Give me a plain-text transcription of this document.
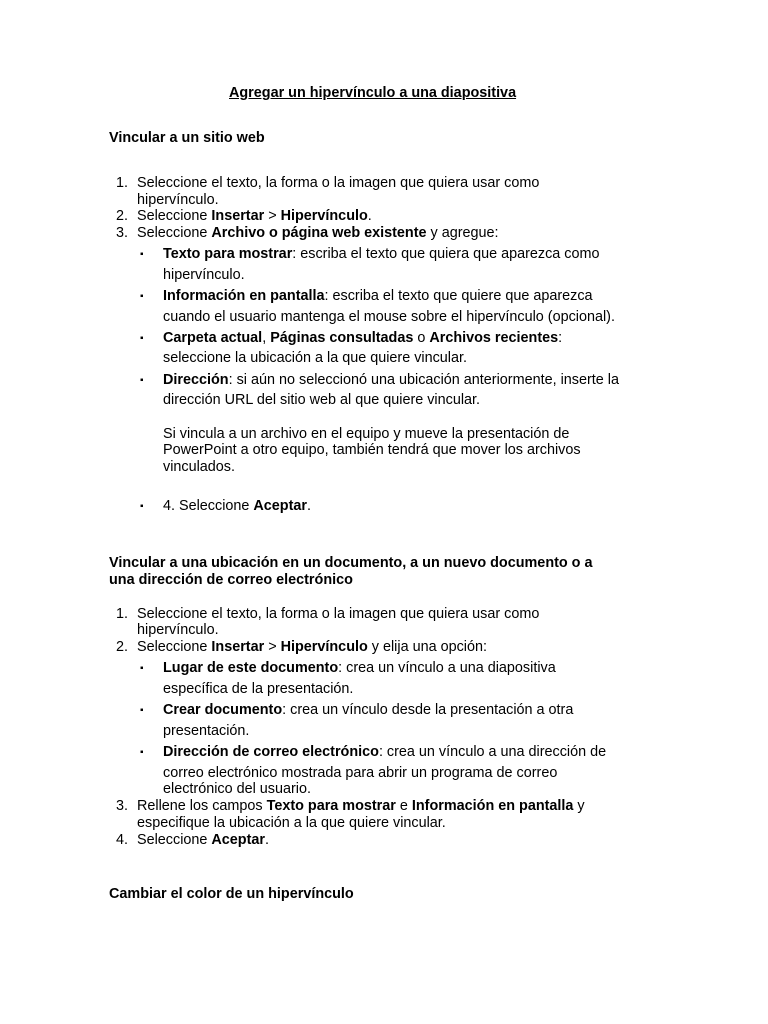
Agregar un hipervínculo a una diapositiva

Vincular a un sitio web

1. Seleccione el texto, la forma o la imagen que quiera usar como

hipervínculo.

2. Seleccione Insertar > Hipervínculo.

3. Seleccione Archivo o página web existente y agregue:

▪ Texto para mostrar: escriba el texto que quiera que aparezca como

hipervínculo.

▪ Información en pantalla: escriba el texto que quiere que aparezca

cuando el usuario mantenga el mouse sobre el hipervínculo (opcional).

▪ Carpeta actual, Páginas consultadas o Archivos recientes:

seleccione la ubicación a la que quiere vincular.

▪ Dirección: si aún no seleccionó una ubicación anteriormente, inserte la

dirección URL del sitio web al que quiere vincular.

Si vincula a un archivo en el equipo y mueve la presentación de

PowerPoint a otro equipo, también tendrá que mover los archivos

vinculados.

▪ 4. Seleccione Aceptar.

Vincular a una ubicación en un documento, a un nuevo documento o a

una dirección de correo electrónico

1. Seleccione el texto, la forma o la imagen que quiera usar como

hipervínculo.

2. Seleccione Insertar > Hipervínculo y elija una opción:

▪ Lugar de este documento: crea un vínculo a una diapositiva

específica de la presentación.

▪ Crear documento: crea un vínculo desde la presentación a otra

presentación.

▪ Dirección de correo electrónico: crea un vínculo a una dirección de

correo electrónico mostrada para abrir un programa de correo

electrónico del usuario.

3. Rellene los campos Texto para mostrar e Información en pantalla y

especifique la ubicación a la que quiere vincular.

4. Seleccione Aceptar.

Cambiar el color de un hipervínculo
